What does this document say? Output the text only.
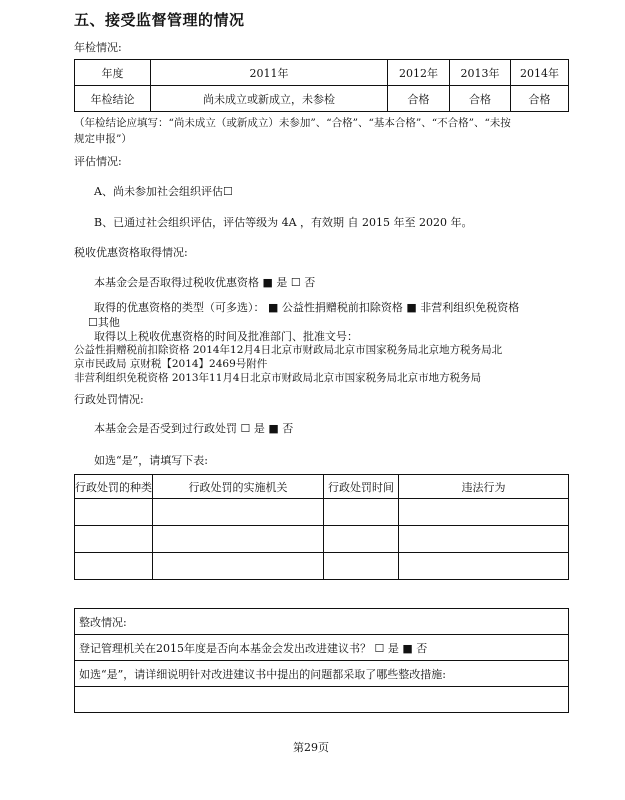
五、接受监督管理的情况
年检情况:
年度	2011年	2012年	2013年	2014年
年检结论	尚未成立或新成立，未参检	合格	合格	合格
（年检结论应填写：“尚未成立（或新成立）未参加”、“合格”、“基本合格”、“不合格”、“未按
规定申报”）
评估情况:
A、尚未参加社会组织评估☐
B、已通过社会组织评估，评估等级为 4A ，有效期 自 2015 年至 2020 年。
税收优惠资格取得情况:
本基金会是否取得过税收优惠资格 ■ 是 ☐ 否
取得的优惠资格的类型（可多选）： ■ 公益性捐赠税前扣除资格 ■ 非营利组织免税资格
☐其他
取得以上税收优惠资格的时间及批准部门、批准文号：
公益性捐赠税前扣除资格 2014年12月4日北京市财政局北京市国家税务局北京地方税务局北
京市民政局 京财税【2014】2469号附件
非营利组织免税资格 2013年11月4日北京市财政局北京市国家税务局北京市地方税务局
行政处罚情况:
本基金会是否受到过行政处罚 ☐ 是 ■ 否
如选“是”，请填写下表:
行政处罚的种类	行政处罚的实施机关	行政处罚时间	违法行为

整改情况:
登记管理机关在2015年度是否向本基金会发出改进建议书？ ☐ 是 ■ 否
如选“是”，请详细说明针对改进建议书中提出的问题都采取了哪些整改措施:

第29页
